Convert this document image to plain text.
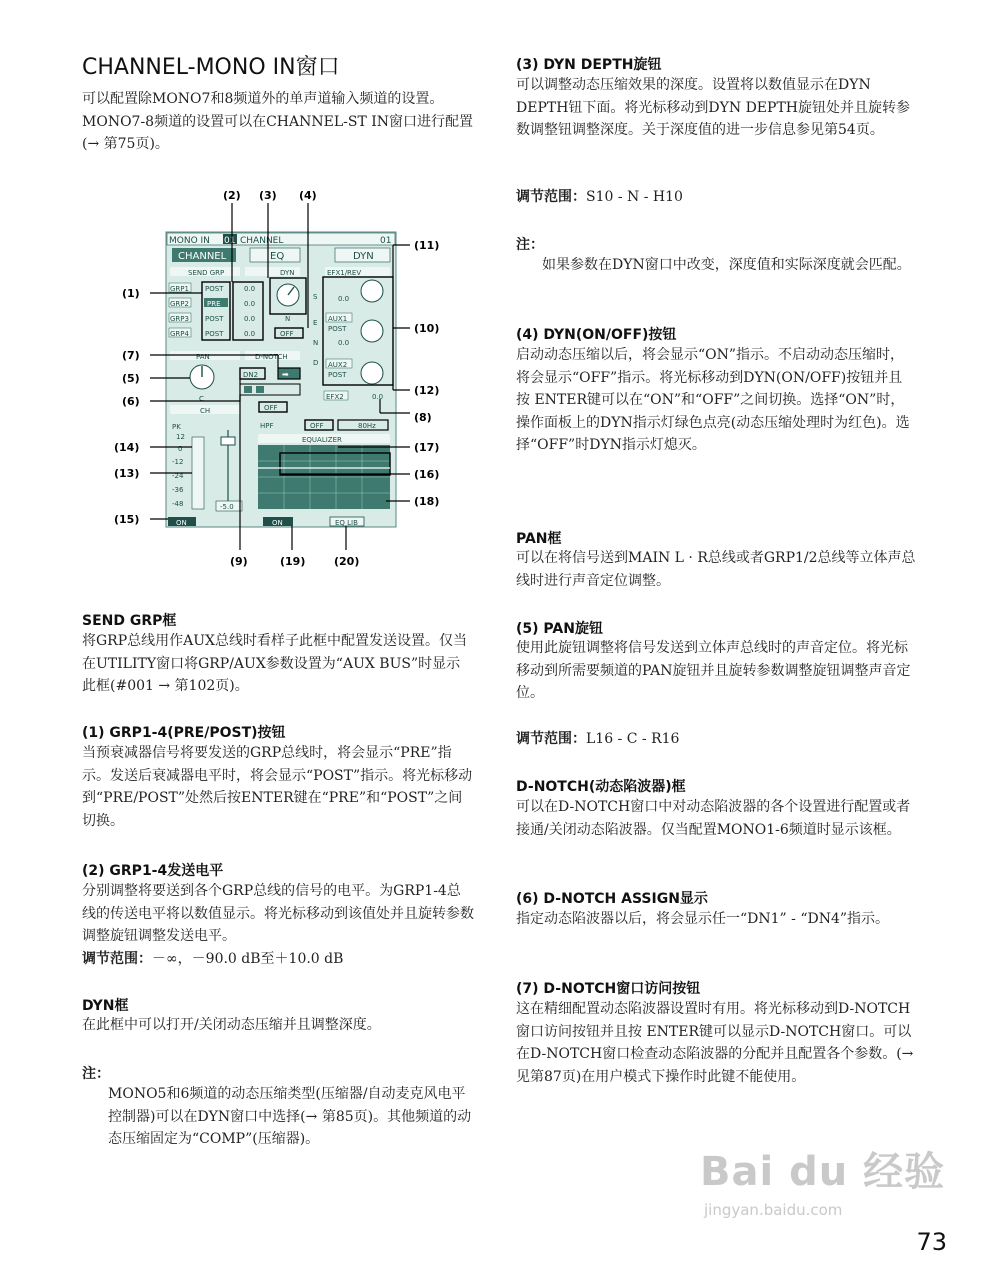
CHANNEL-MONO IN窗口
可以配置除MONO7和8频道外的单声道输入频道的设置。MONO7-8频道的设置可以在CHANNEL-ST IN窗口进行配置(→ 第75页)。
SEND GRP框
将GRP总线用作AUX总线时看样子此框中配置发送设置。仅当在UTILITY窗口将GRP/AUX参数设置为“AUX BUS”时显示此框(#001 → 第102页)。
(1) GRP1-4(PRE/POST)按钮
当预衰减器信号将要发送的GRP总线时，将会显示“PRE”指示。发送后衰减器电平时，将会显示“POST”指示。将光标移动到“PRE/POST”处然后按ENTER键在“PRE”和“POST”之间切换。
(2) GRP1-4发送电平
分别调整将要送到各个GRP总线的信号的电平。为GRP1-4总线的传送电平将以数值显示。将光标移动到该值处并且旋转参数调整旋钮调整发送电平。
调节范围：－∞，－90.0 dB至＋10.0 dB
DYN框
在此框中可以打开/关闭动态压缩并且调整深度。
注：
MONO5和6频道的动态压缩类型(压缩器/自动麦克风电平控制器)可以在DYN窗口中选择(→ 第85页)。其他频道的动态压缩固定为“COMP”(压缩器)。
MONO IN 01 CHANNEL	01
CHANNEL	EQ	DYN
SEND GRP	DYN	EFX1/REV
GRP1
GRP2
GRP3
GRP4
POST
PRE
POST
POST
0.0
0.0
0.0
0.0
N
OFF
S
E
N
D
0.0
AUX1
POST
0.0
AUX2
POST
EFX2	0.0
PAN	D-NOTCH
C
DN2	➡
CH	OFF
HPF	OFF	80Hz
EQUALIZER
PK
12
0
-12
-24
-36
-48	-5.0
ON	ON	EQ LIB
(2) (3) (4)
(1)
(11)
(10)
(12)
(7)
(5)
(6)
(8)
(14)
(13)
(15)
(17)
(16)
(18)
(9)	(19)	(20)
(3) DYN DEPTH旋钮
可以调整动态压缩效果的深度。设置将以数值显示在DYN DEPTH钮下面。将光标移动到DYN DEPTH旋钮处并且旋转参数调整钮调整深度。关于深度值的进一步信息参见第54页。
调节范围：S10 - N - H10
注：
如果参数在DYN窗口中改变，深度值和实际深度就会匹配。
(4) DYN(ON/OFF)按钮
启动动态压缩以后，将会显示“ON”指示。不启动动态压缩时，将会显示“OFF”指示。将光标移动到DYN(ON/OFF)按钮并且按 ENTER键可以在“ON”和“OFF”之间切换。选择“ON”时，操作面板上的DYN指示灯绿色点亮(动态压缩处理时为红色)。选择“OFF”时DYN指示灯熄灭。
PAN框
可以在将信号送到MAIN L · R总线或者GRP1/2总线等立体声总线时进行声音定位调整。
(5) PAN旋钮
使用此旋钮调整将信号发送到立体声总线时的声音定位。将光标移动到所需要频道的PAN旋钮并且旋转参数调整旋钮调整声音定位。
调节范围：L16 - C - R16
D-NOTCH(动态陷波器)框
可以在D-NOTCH窗口中对动态陷波器的各个设置进行配置或者接通/关闭动态陷波器。仅当配置MONO1-6频道时显示该框。
(6) D-NOTCH ASSIGN显示
指定动态陷波器以后，将会显示任一“DN1” - “DN4”指示。
(7) D-NOTCH窗口访问按钮
这在精细配置动态陷波器设置时有用。将光标移动到D-NOTCH窗口访问按钮并且按 ENTER键可以显示D-NOTCH窗口。可以在D-NOTCH窗口检查动态陷波器的分配并且配置各个参数。(→ 见第87页)在用户模式下操作时此键不能使用。
Bai du 经验
jingyan.baidu.com
73
